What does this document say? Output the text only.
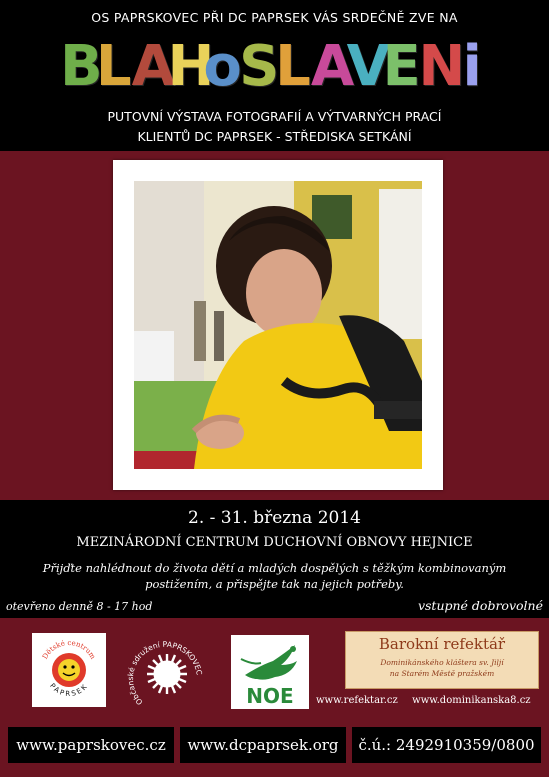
OS PAPRSKOVEC PŘI DC PAPRSEK VÁS SRDEČNĚ ZVE NA
B
L A
H
o
S
L A
V
E
N
i
PUTOVNÍ VÝSTAVA FOTOGRAFIÍ A VÝTVARNÝCH PRACÍ
KLIENTŮ DC PAPRSEK - STŘEDISKA SETKÁNÍ
2. - 31. března 2014
MEZINÁRODNÍ CENTRUM DUCHOVNÍ OBNOVY HEJNICE
Přijďte nahlédnout do života dětí a mladých dospělých s těžkým kombinovaným postižením, a přispějte tak na jejich potřeby.
otevřeno denně 8 - 17 hod	vstupné dobrovolné
Dětské centrum
PAPRSEK
Občanské sdružení PAPRSKOVEC
NOE
Barokní refektář
Dominikánského kláštera sv. Jiljí
na Starém Městě pražském
www.refektar.cz www.dominikanska8.cz
www.paprskovec.cz	www.dcpaprsek.org	č.ú.: 2492910359/0800
